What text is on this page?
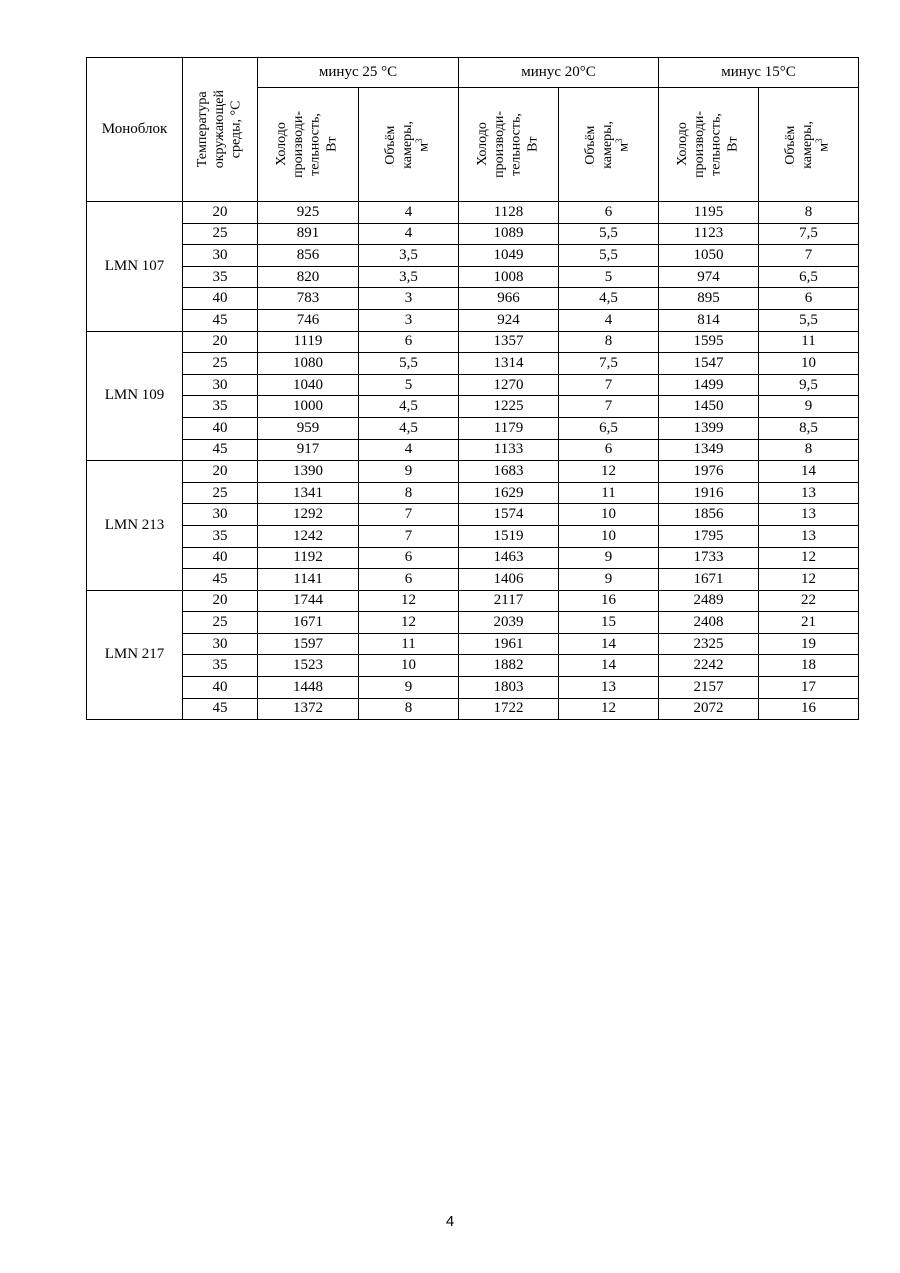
Моноблок	Температура
окружающей
среды, °C	минус 25 °C		минус 20°C		минус 15°C	

		Холодо
производи-
тельность,
Вт	Объём
камеры,
$м^3$	Холодо
производи-
тельность,
Вт	Объём
камеры,
$м^3$	Холодо
производи-
тельность,
Вт	Объём
камеры,
$м^3$

LMN 107	20	925	4	1128	6	1195	8
	25	891	4	1089	5,5	1123	7,5
	30	856	3,5	1049	5,5	1050	7
	35	820	3,5	1008	5	974	6,5
	40	783	3	966	4,5	895	6
	45	746	3	924	4	814	5,5
LMN 109	20	1119	6	1357	8	1595	11
	25	1080	5,5	1314	7,5	1547	10
	30	1040	5	1270	7	1499	9,5
	35	1000	4,5	1225	7	1450	9
	40	959	4,5	1179	6,5	1399	8,5
	45	917	4	1133	6	1349	8
LMN 213	20	1390	9	1683	12	1976	14
	25	1341	8	1629	11	1916	13
	30	1292	7	1574	10	1856	13
	35	1242	7	1519	10	1795	13
	40	1192	6	1463	9	1733	12
	45	1141	6	1406	9	1671	12
LMN 217	20	1744	12	2117	16	2489	22
	25	1671	12	2039	15	2408	21
	30	1597	11	1961	14	2325	19
	35	1523	10	1882	14	2242	18
	40	1448	9	1803	13	2157	17
	45	1372	8	1722	12	2072	16
4
